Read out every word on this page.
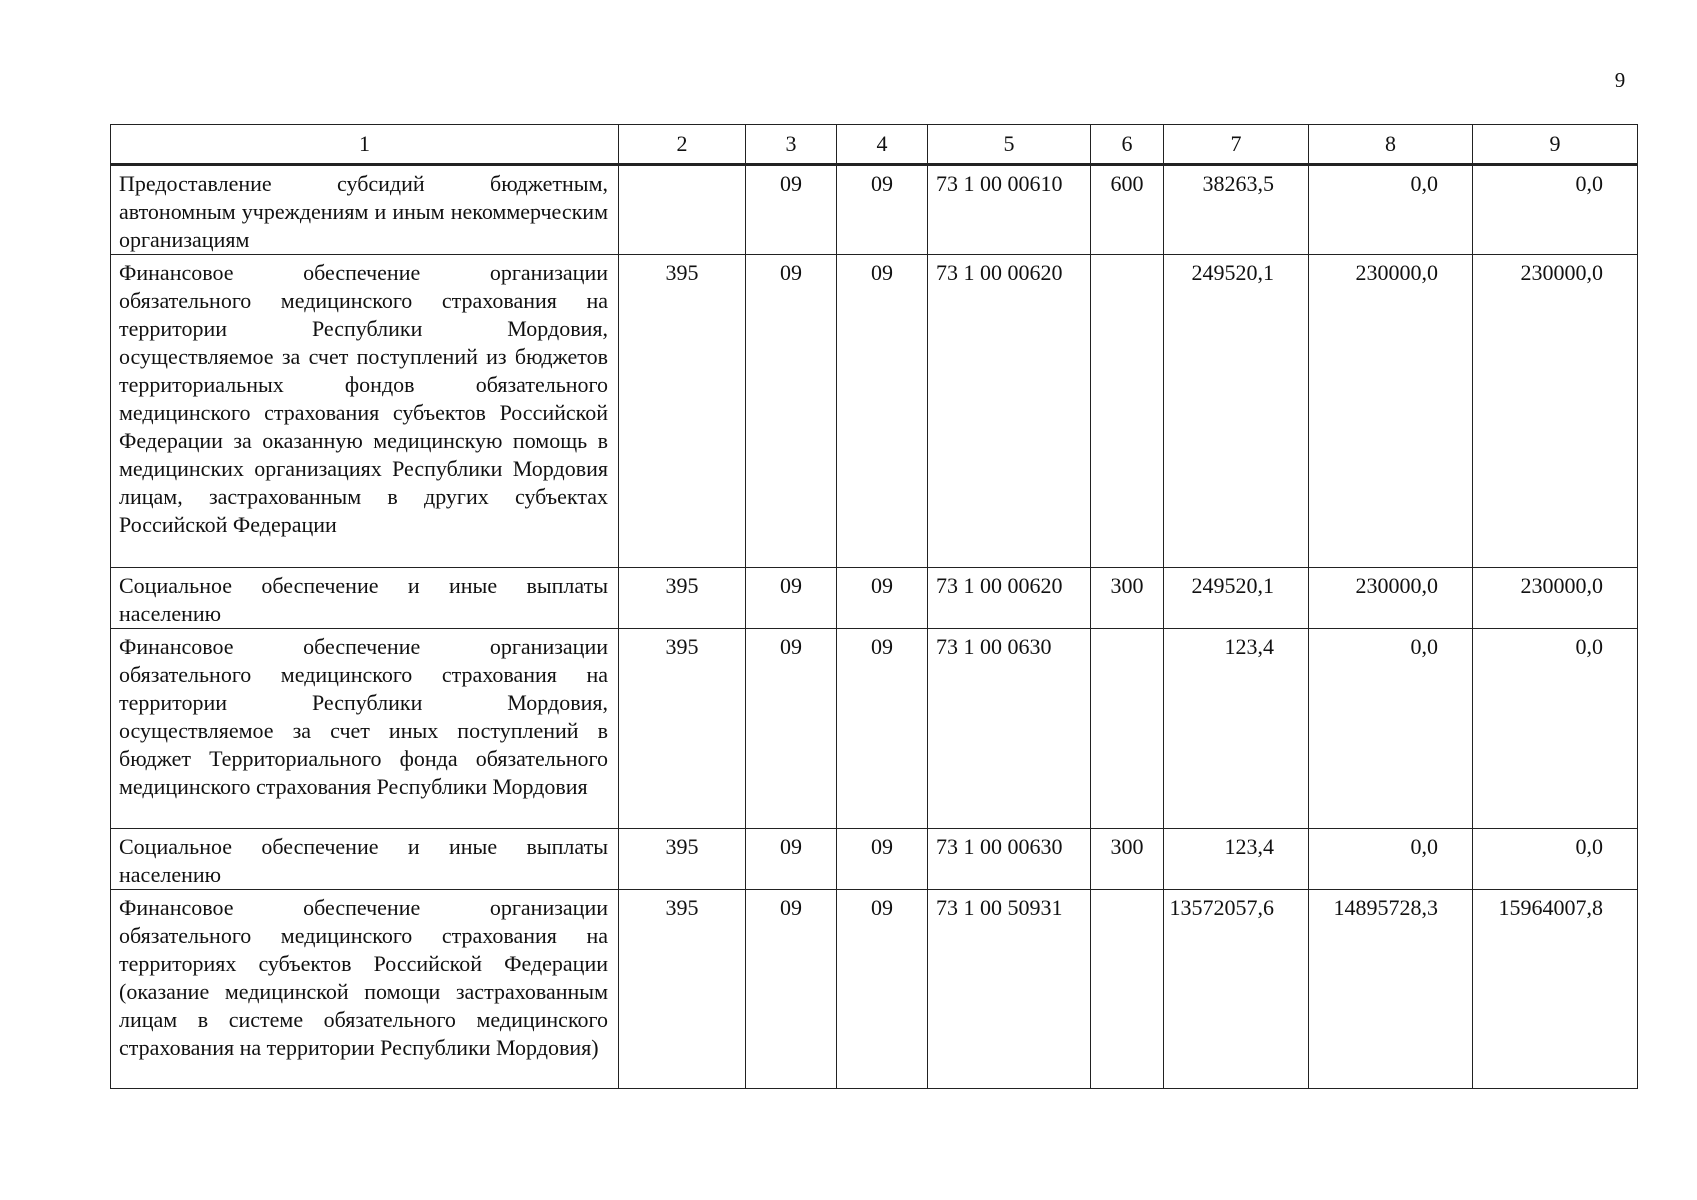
9
1	2	3	4	5	6	7	8	9
Предоставление субсидий бюджетным, автономным учреждениям и иным некоммерческим организациям		09	09	73 1 00 00610	600	38263,5	0,0	0,0
Финансовое обеспечение организации обязательного медицинского страхования на территории Республики Мордовия, осуществляемое за счет поступлений из бюджетов территориальных фондов обязательного медицинского страхования субъектов Российской Федерации за оказанную медицинскую помощь в медицинских организациях Республики Мордовия лицам, застрахованным в других субъектах Российской Федерации	395	09	09	73 1 00 00620		249520,1	230000,0	230000,0
Социальное обеспечение и иные выплаты населению	395	09	09	73 1 00 00620	300	249520,1	230000,0	230000,0
Финансовое обеспечение организации обязательного медицинского страхования на территории Республики Мордовия, осуществляемое за счет иных поступлений в бюджет Территориального фонда обязательного медицинского страхования Республики Мордовия	395	09	09	73 1 00 0630		123,4	0,0	0,0
Социальное обеспечение и иные выплаты населению	395	09	09	73 1 00 00630	300	123,4	0,0	0,0
Финансовое обеспечение организации обязательного медицинского страхования на территориях субъектов Российской Федерации (оказание медицинской помощи застрахованным лицам в системе обязательного медицинского страхования на территории Республики Мордовия)	395	09	09	73 1 00 50931		13572057,6	14895728,3	15964007,8
